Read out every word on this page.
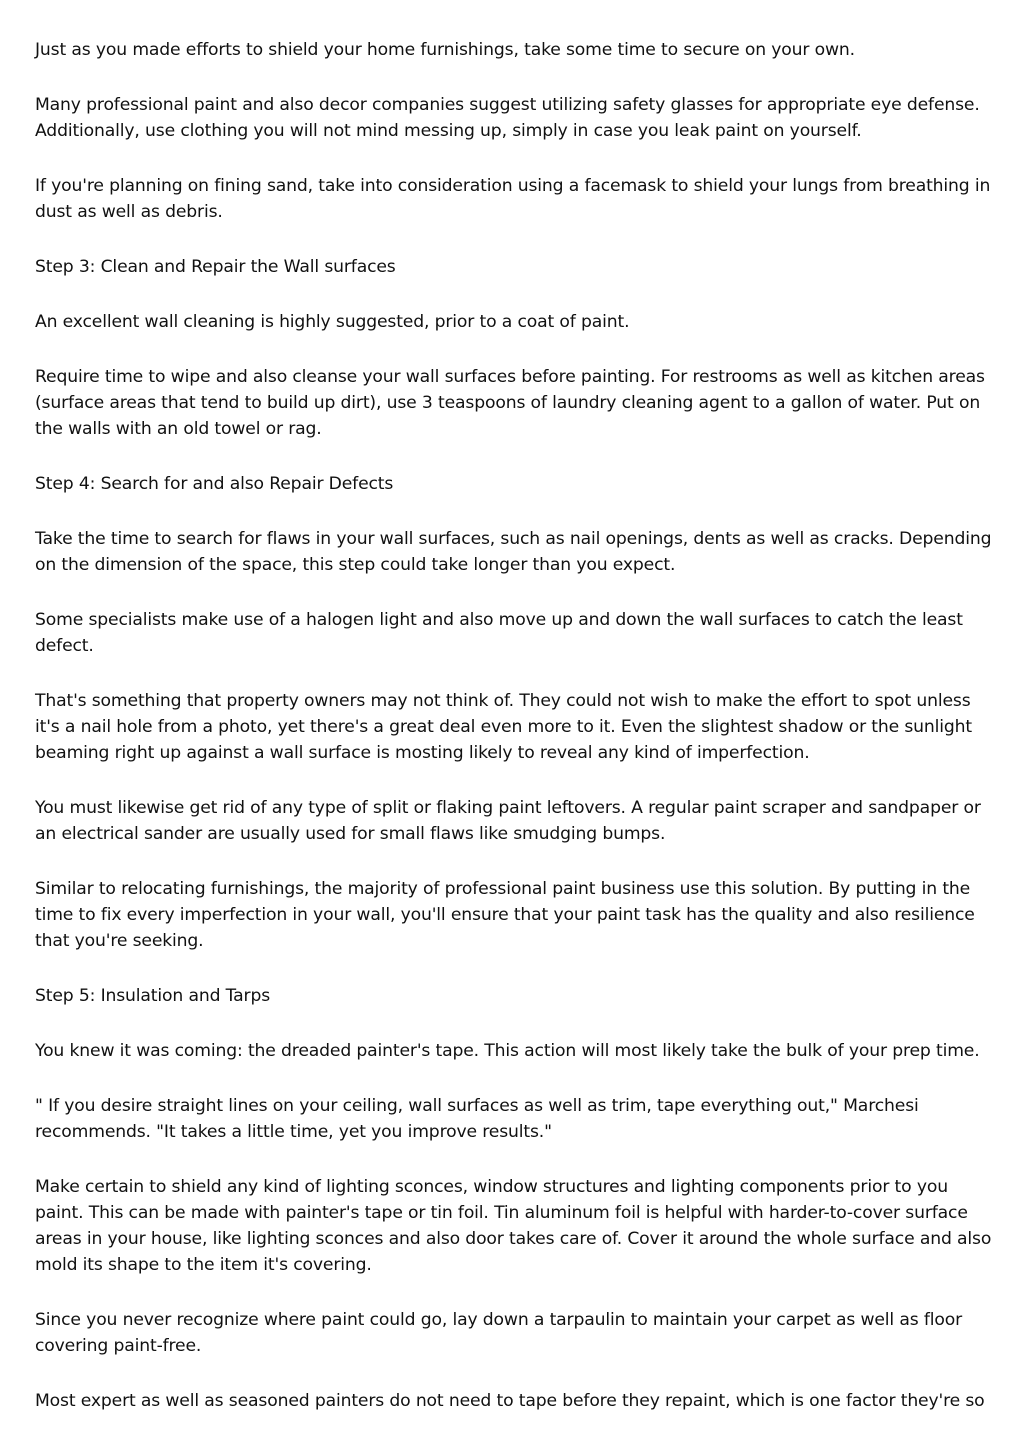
Just as you made efforts to shield your home furnishings, take some time to secure on your own.

Many professional paint and also decor companies suggest utilizing safety glasses for appropriate eye defense. Additionally, use clothing you will not mind messing up, simply in case you leak paint on yourself.

If you're planning on fining sand, take into consideration using a facemask to shield your lungs from breathing in dust as well as debris.

Step 3: Clean and Repair the Wall surfaces

An excellent wall cleaning is highly suggested, prior to a coat of paint.

Require time to wipe and also cleanse your wall surfaces before painting. For restrooms as well as kitchen areas (surface areas that tend to build up dirt), use 3 teaspoons of laundry cleaning agent to a gallon of water. Put on the walls with an old towel or rag.

Step 4: Search for and also Repair Defects

Take the time to search for flaws in your wall surfaces, such as nail openings, dents as well as cracks. Depending on the dimension of the space, this step could take longer than you expect.

Some specialists make use of a halogen light and also move up and down the wall surfaces to catch the least defect.

That's something that property owners may not think of. They could not wish to make the effort to spot unless it's a nail hole from a photo, yet there's a great deal even more to it. Even the slightest shadow or the sunlight beaming right up against a wall surface is mosting likely to reveal any kind of imperfection.

You must likewise get rid of any type of split or flaking paint leftovers. A regular paint scraper and sandpaper or an electrical sander are usually used for small flaws like smudging bumps.

Similar to relocating furnishings, the majority of professional paint business use this solution. By putting in the time to fix every imperfection in your wall, you'll ensure that your paint task has the quality and also resilience that you're seeking.

Step 5: Insulation and Tarps

You knew it was coming: the dreaded painter's tape. This action will most likely take the bulk of your prep time.

" If you desire straight lines on your ceiling, wall surfaces as well as trim, tape everything out," Marchesi recommends. "It takes a little time, yet you improve results."

Make certain to shield any kind of lighting sconces, window structures and lighting components prior to you paint. This can be made with painter's tape or tin foil. Tin aluminum foil is helpful with harder-to-cover surface areas in your house, like lighting sconces and also door takes care of. Cover it around the whole surface and also mold its shape to the item it's covering.

Since you never recognize where paint could go, lay down a tarpaulin to maintain your carpet as well as floor covering paint-free.

Most expert as well as seasoned painters do not need to tape before they repaint, which is one factor they're so
